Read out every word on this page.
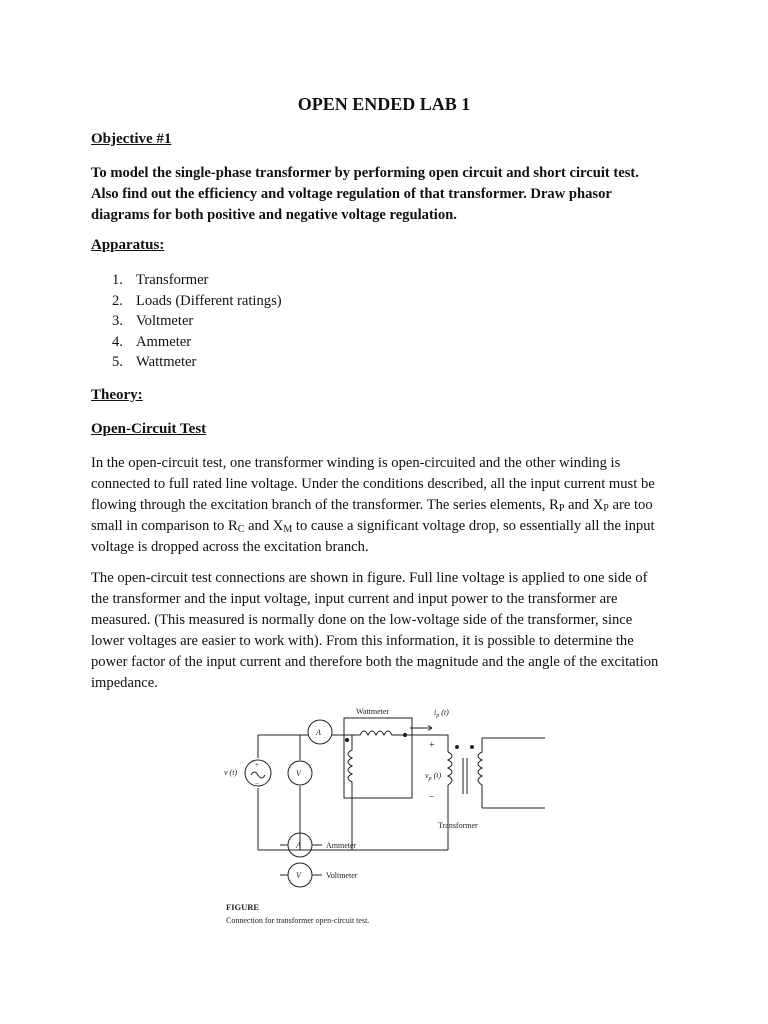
OPEN ENDED LAB 1
Objective #1
To model the single-phase transformer by performing open circuit and short circuit test.
Also find out the efficiency and voltage regulation of that transformer. Draw phasor
diagrams for both positive and negative voltage regulation.
Apparatus:
1. Transformer
2. Loads (Different ratings)
3. Voltmeter
4. Ammeter
5. Wattmeter
Theory:
Open-Circuit Test
In the open-circuit test, one transformer winding is open-circuited and the other winding is
connected to full rated line voltage. Under the conditions described, all the input current must be
flowing through the excitation branch of the transformer. The series elements, $R_P$ and $X_P$ are too
small in comparison to $R_C$ and $X_M$ to cause a significant voltage drop, so essentially all the input
voltage is dropped across the excitation branch.
The open-circuit test connections are shown in figure. Full line voltage is applied to one side of
the transformer and the input voltage, input current and input power to the transformer are
measured. (This measured is normally done on the low-voltage side of the transformer, since
lower voltages are easier to work with). From this information, it is possible to determine the
power factor of the input current and therefore both the magnitude and the angle of the excitation
impedance.
Wattmeter	$i_p$ (t)
+
−
$v_p$ (t)
Transformer
A
+
−
v (t)	V
A	Ammeter
V	Voltmeter
FIGURE
Connection for transformer open-circuit test.
